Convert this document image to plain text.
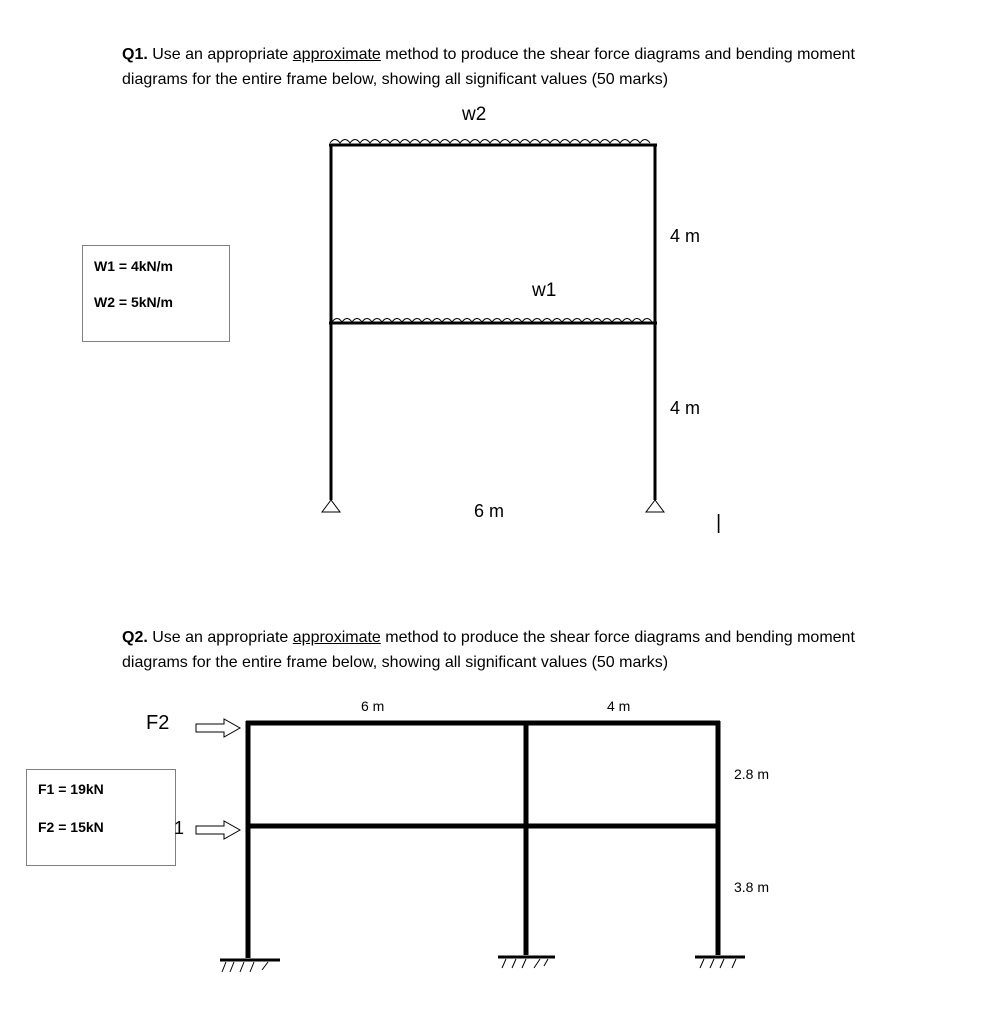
Q1. Use an appropriate approximate method to produce the shear force diagrams and bending moment diagrams for the entire frame below, showing all significant values (50 marks)
W1 = 4kN/m
W2 = 5kN/m
w2
w1
4 m
4 m
6 m
|
Q2. Use an appropriate approximate method to produce the shear force diagrams and bending moment diagrams for the entire frame below, showing all significant values (50 marks)
F1 = 19kN
F2 = 15kN
F2
1
6 m	4 m
2.8 m
3.8 m
